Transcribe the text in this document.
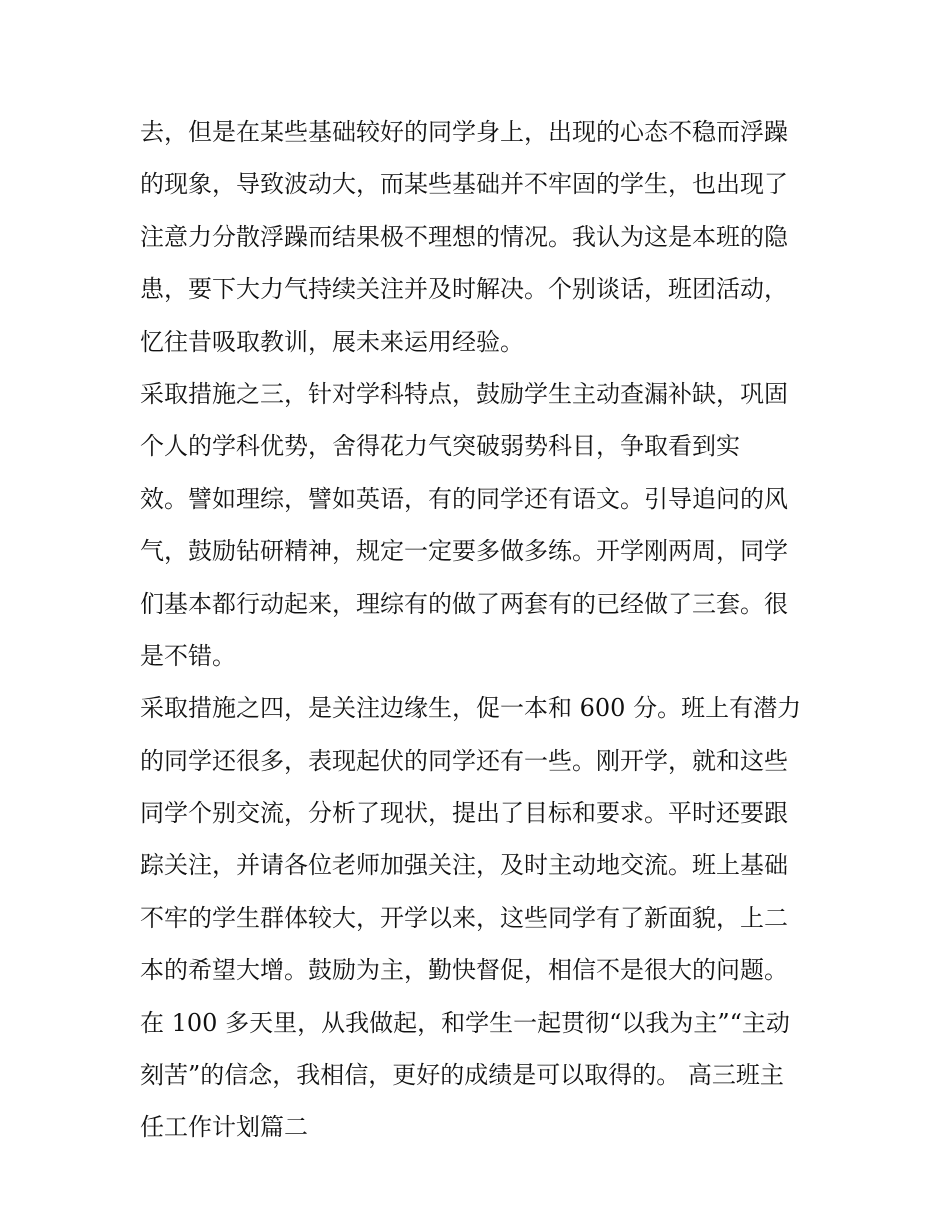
去，但是在某些基础较好的同学身上，出现的心态不稳而浮躁
的现象，导致波动大，而某些基础并不牢固的学生，也出现了
注意力分散浮躁而结果极不理想的情况。我认为这是本班的隐
患，要下大力气持续关注并及时解决。个别谈话，班团活动，
忆往昔吸取教训，展未来运用经验。
采取措施之三，针对学科特点，鼓励学生主动查漏补缺，巩固
个人的学科优势，舍得花力气突破弱势科目，争取看到实
效。譬如理综，譬如英语，有的同学还有语文。引导追问的风
气，鼓励钻研精神，规定一定要多做多练。开学刚两周，同学
们基本都行动起来，理综有的做了两套有的已经做了三套。很
是不错。
采取措施之四，是关注边缘生，促一本和 600 分。班上有潜力
的同学还很多，表现起伏的同学还有一些。刚开学，就和这些
同学个别交流，分析了现状，提出了目标和要求。平时还要跟
踪关注，并请各位老师加强关注，及时主动地交流。班上基础
不牢的学生群体较大，开学以来，这些同学有了新面貌，上二
本的希望大增。鼓励为主，勤快督促，相信不是很大的问题。
在 100 多天里，从我做起，和学生一起贯彻“以我为主”“主动
刻苦”的信念，我相信，更好的成绩是可以取得的。 高三班主
任工作计划篇二
